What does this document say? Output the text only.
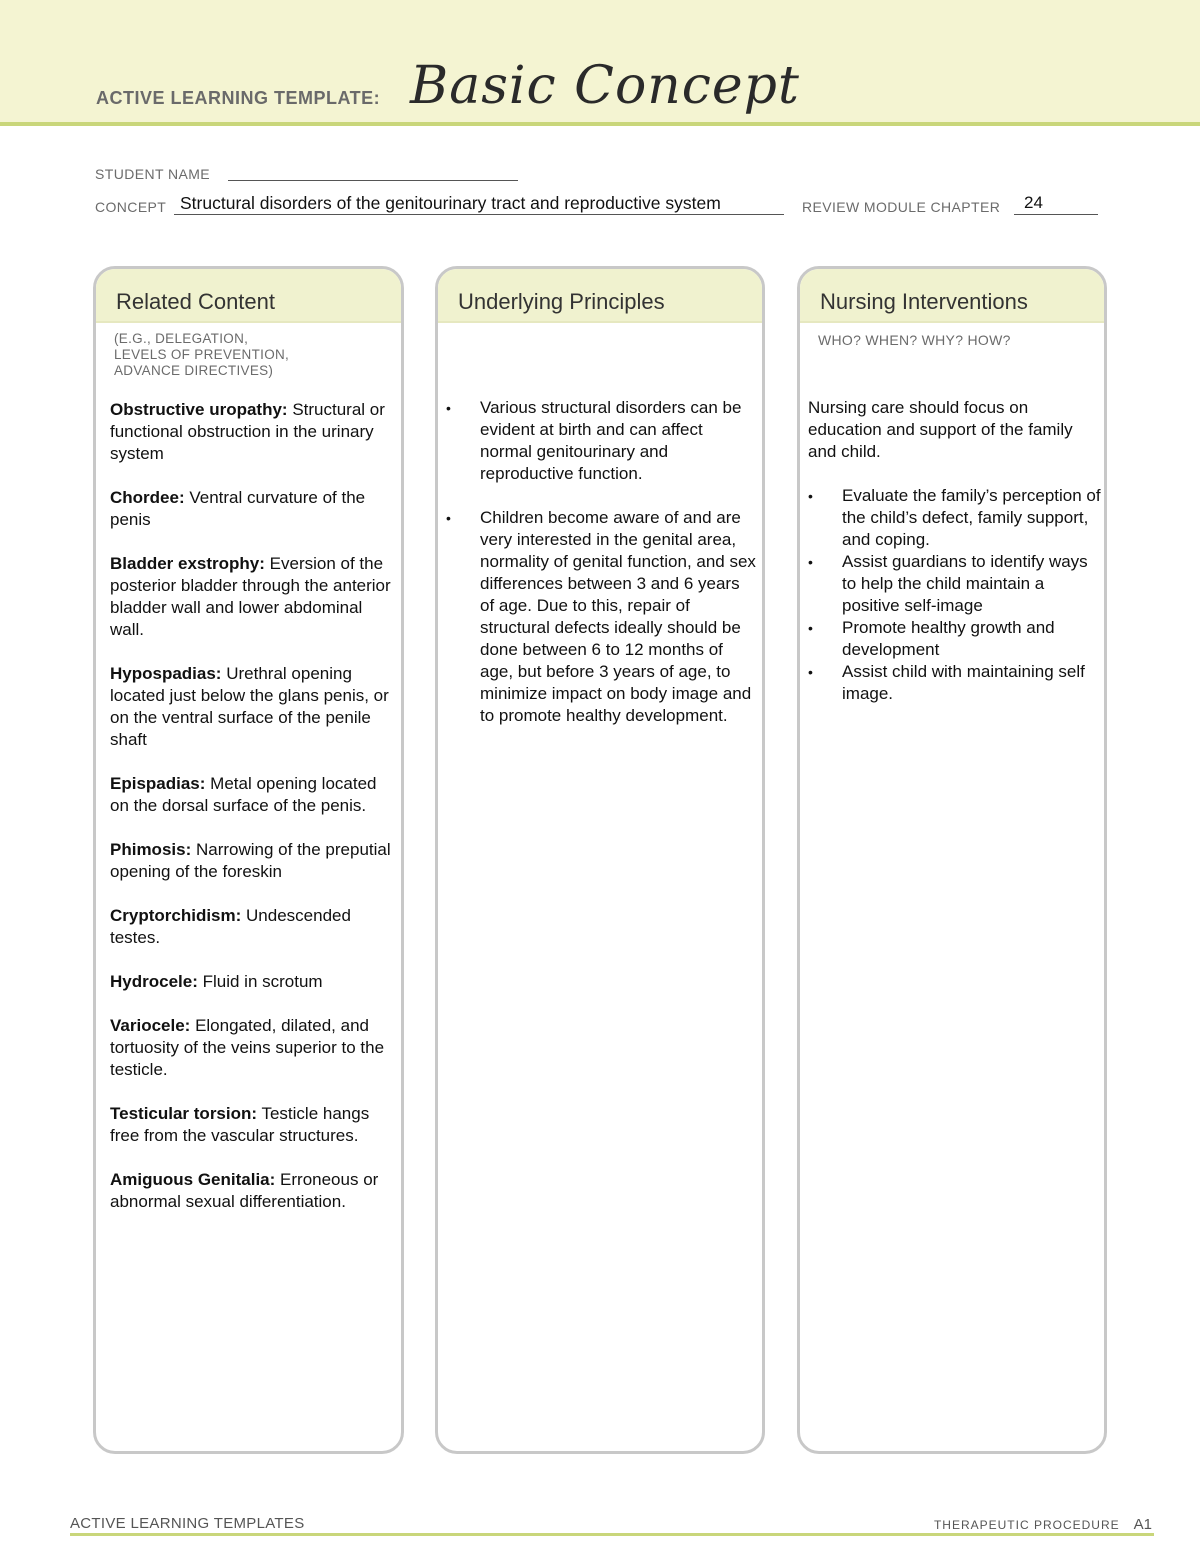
ACTIVE LEARNING TEMPLATE: Basic Concept
STUDENT NAME
CONCEPT Structural disorders of the genitourinary tract and reproductive system	REVIEW MODULE CHAPTER 24
Related Content
(E.G., DELEGATION,
LEVELS OF PREVENTION,
ADVANCE DIRECTIVES)
Obstructive uropathy: Structural or functional obstruction in the urinary system
Chordee: Ventral curvature of the penis
Bladder exstrophy: Eversion of the posterior bladder through the anterior bladder wall and lower abdominal wall.
Hypospadias: Urethral opening located just below the glans penis, or on the ventral surface of the penile shaft
Epispadias: Metal opening located on the dorsal surface of the penis.
Phimosis: Narrowing of the preputial opening of the foreskin
Cryptorchidism: Undescended testes.
Hydrocele: Fluid in scrotum
Variocele: Elongated, dilated, and tortuosity of the veins superior to the testicle.
Testicular torsion: Testicle hangs free from the vascular structures.
Amiguous Genitalia: Erroneous or abnormal sexual differentiation.
Underlying Principles
• Various structural disorders can be evident at birth and can affect normal genitourinary and reproductive function.
• Children become aware of and are very interested in the genital area, normality of genital function, and sex differences between 3 and 6 years of age. Due to this, repair of structural defects ideally should be done between 6 to 12 months of age, but before 3 years of age, to minimize impact on body image and to promote healthy development.
Nursing Interventions
WHO? WHEN? WHY? HOW?
Nursing care should focus on education and support of the family and child.
• Evaluate the family’s perception of the child’s defect, family support, and coping.
• Assist guardians to identify ways to help the child maintain a positive self-image
• Promote healthy growth and development
• Assist child with maintaining self image.
ACTIVE LEARNING TEMPLATES	THERAPEUTIC PROCEDURE A1
